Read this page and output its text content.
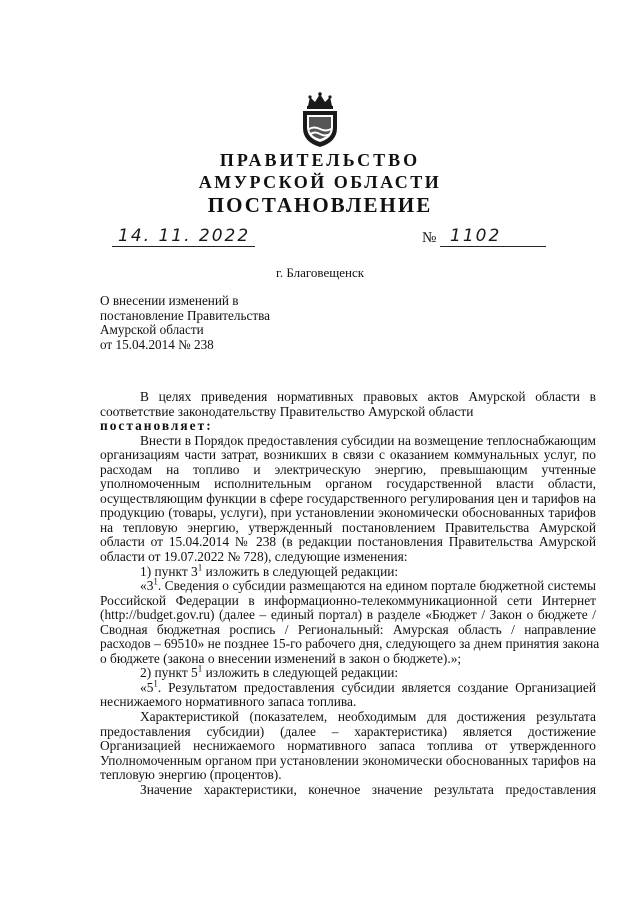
ПРАВИТЕЛЬСТВО
АМУРСКОЙ ОБЛАСТИ
ПОСТАНОВЛЕНИЕ
14. 11. 2022	№ 1102
г. Благовещенск
О внесении изменений в
постановление Правительства
Амурской области
от 15.04.2014 № 238
В целях приведения нормативных правовых актов Амурской области в
соответствие законодательству Правительство Амурской области
постановляет:
Внести в Порядок предоставления субсидии на возмещение теплоснабжающим
организациям части затрат, возникших в связи с оказанием коммунальных услуг, по
расходам на топливо и электрическую энергию, превышающим учтенные
уполномоченным исполнительным органом государственной власти области,
осуществляющим функции в сфере государственного регулирования цен и тарифов на
продукцию (товары, услуги), при установлении экономически обоснованных тарифов
на тепловую энергию, утвержденный постановлением Правительства Амурской
области от 15.04.2014 № 238 (в редакции постановления Правительства Амурской
области от 19.07.2022 № 728), следующие изменения:
1) пункт $3^1$ изложить в следующей редакции:
«$3^1$. Сведения о субсидии размещаются на едином портале бюджетной системы
Российской Федерации в информационно-телекоммуникационной сети Интернет
(http://budget.gov.ru) (далее – единый портал) в разделе «Бюджет / Закон о бюджете /
Сводная бюджетная роспись / Региональный: Амурская область / направление
расходов – 69510» не позднее 15-го рабочего дня, следующего за днем принятия закона
о бюджете (закона о внесении изменений в закон о бюджете).»;
2) пункт $5^1$ изложить в следующей редакции:
«$5^1$. Результатом предоставления субсидии является создание Организацией
неснижаемого нормативного запаса топлива.
Характеристикой (показателем, необходимым для достижения результата
предоставления субсидии) (далее – характеристика) является достижение
Организацией неснижаемого нормативного запаса топлива от утвержденного
Уполномоченным органом при установлении экономически обоснованных тарифов на
тепловую энергию (процентов).
Значение характеристики, конечное значение результата предоставления
